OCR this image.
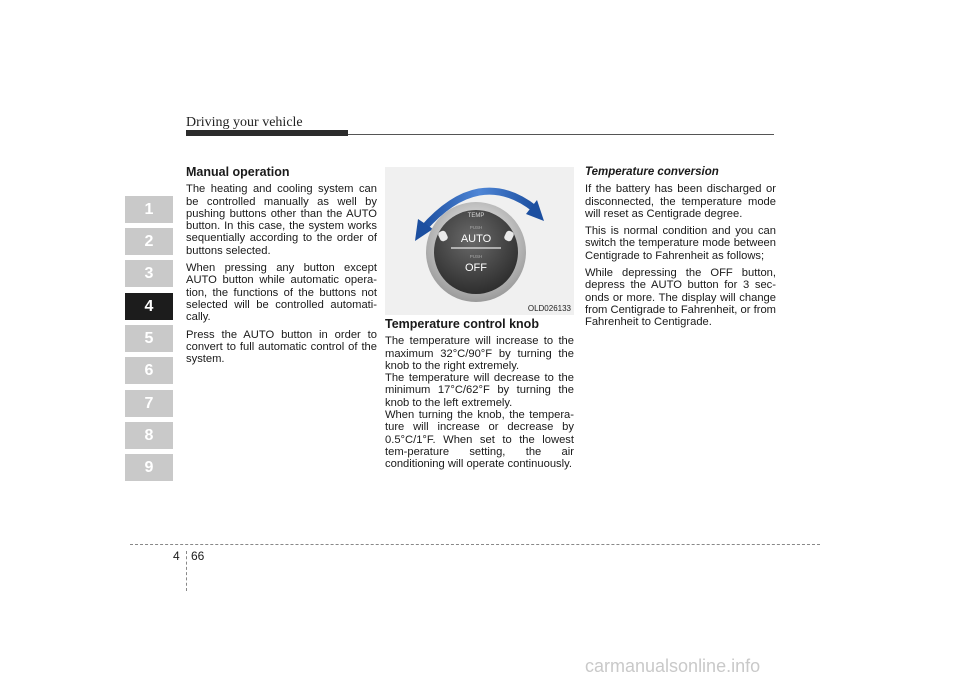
Driving your vehicle
1
2
3
4
5
6
7
8
9
Manual operation

The heating and cooling system can be controlled manually as well by pushing buttons other than the AUTO button. In this case, the system works sequentially according to the order of buttons selected.

When pressing any button except AUTO button while automatic opera-tion, the functions of the buttons not selected will be controlled automati-cally.

Press the AUTO button in order to convert to full automatic control of the system.

TEMP
PUSH
AUTO
PUSH
OFF
OLD026133
Temperature control knob

The temperature will increase to the maximum 32°C/90°F by turning the knob to the right extremely.

The temperature will decrease to the minimum 17°C/62°F by turning the knob to the left extremely.

When turning the knob, the tempera-ture will increase or decrease by 0.5°C/1°F. When set to the lowest tem-perature setting, the air conditioning will operate continuously.

Temperature conversion

If the battery has been discharged or disconnected, the temperature mode will reset as Centigrade degree.

This is normal condition and you can switch the temperature mode between Centigrade to Fahrenheit as follows;

While depressing the OFF button, depress the AUTO button for 3 sec-onds or more. The display will change from Centigrade to Fahrenheit, or from Fahrenheit to Centigrade.

4 66
carmanualsonline.info
